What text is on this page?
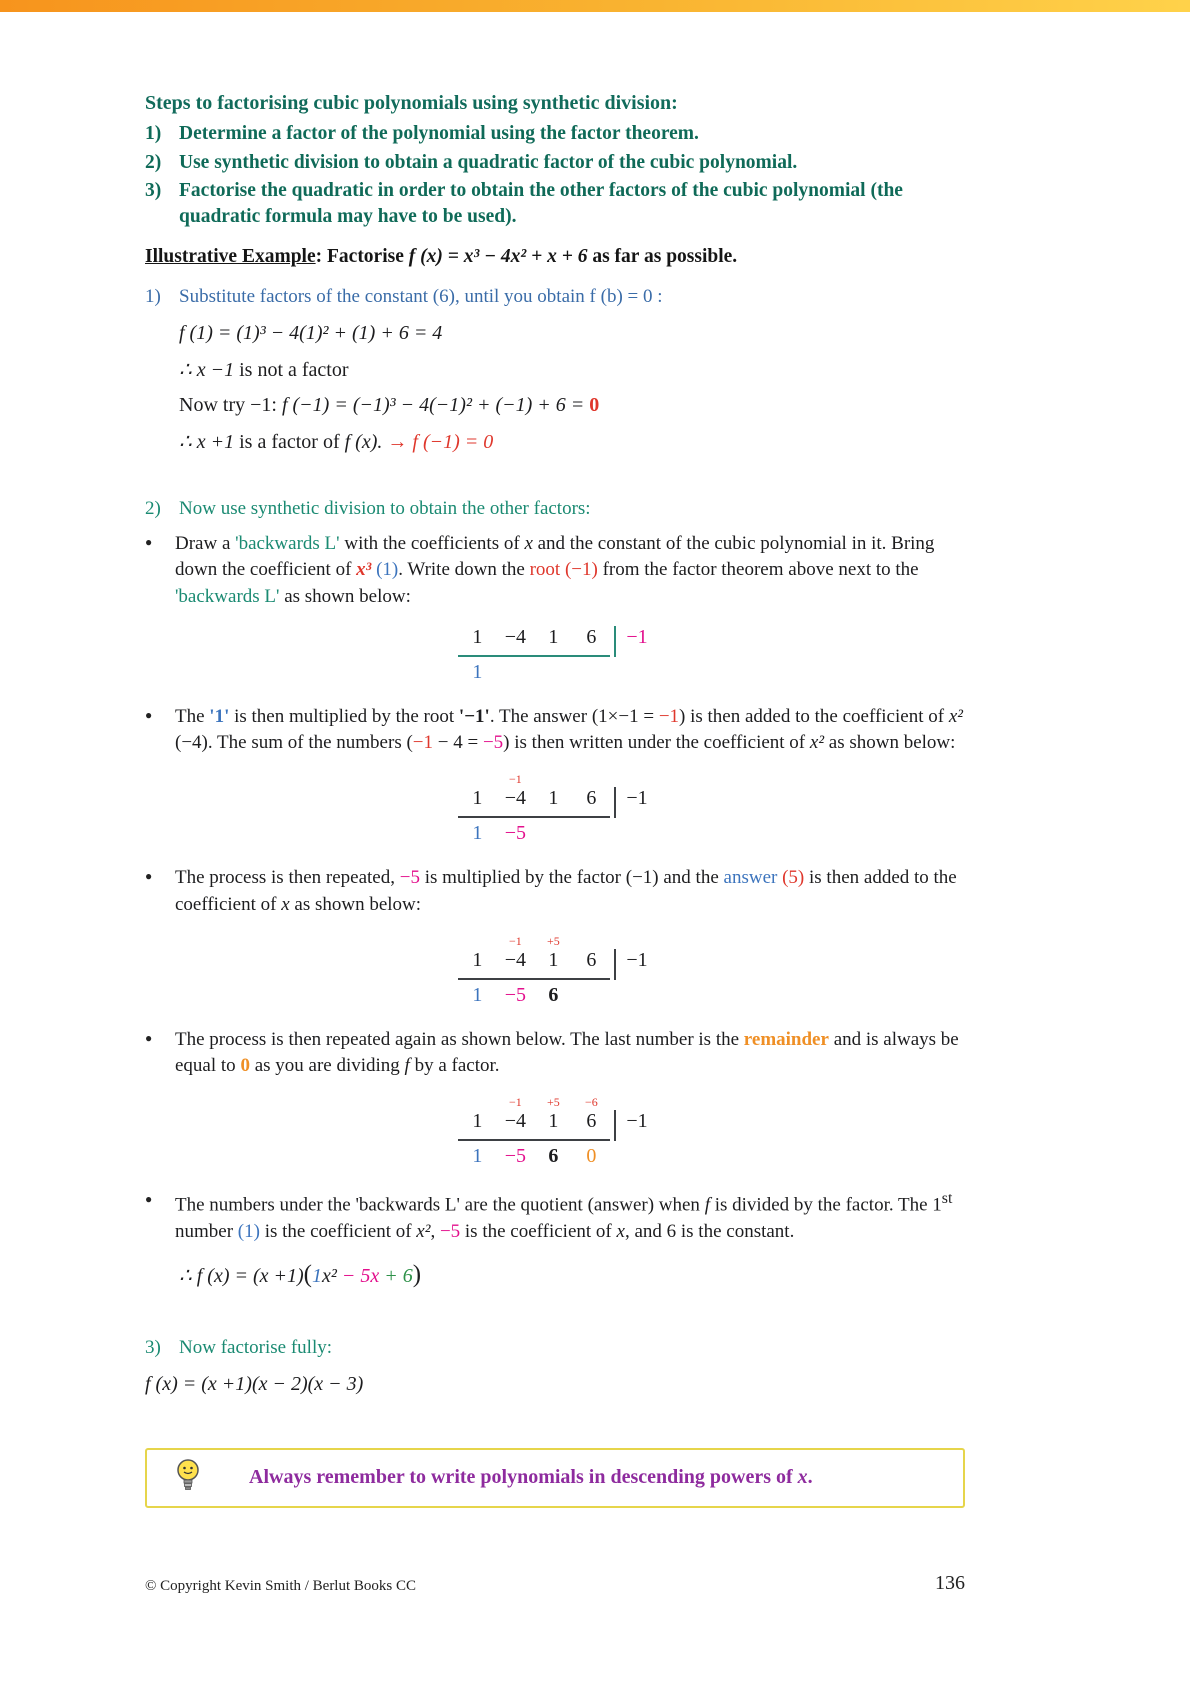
Steps to factorising cubic polynomials using synthetic division:
1) Determine a factor of the polynomial using the factor theorem.
2) Use synthetic division to obtain a quadratic factor of the cubic polynomial.
3) Factorise the quadratic in order to obtain the other factors of the cubic polynomial (the quadratic formula may have to be used).
Illustrative Example: Factorise f (x) = x³ − 4x² + x + 6 as far as possible.
1) Substitute factors of the constant (6), until you obtain f (b) = 0 :
f (1) = (1)³ − 4(1)² + (1) + 6 = 4
∴ x −1 is not a factor
Now try −1: f (−1) = (−1)³ − 4(−1)² + (−1) + 6 = 0
∴ x +1 is a factor of f (x). → f (−1) = 0
2) Now use synthetic division to obtain the other factors:
●
Draw a 'backwards L' with the coefficients of x and the constant of the cubic polynomial in it. Bring down the coefficient of x³ (1). Write down the root (−1) from the factor theorem above next to the 'backwards L' as shown below:
1	−4	1	6	−1
1
●
The '1' is then multiplied by the root '−1'. The answer (1×−1 = −1) is then added to the coefficient of x² (−4). The sum of the numbers (−1 − 4 = −5) is then written under the coefficient of x² as shown below:
−1
1	−4	1	6	−1
1	−5
●
The process is then repeated, −5 is multiplied by the factor (−1) and the answer (5) is then added to the coefficient of x as shown below:
−1	+5
1	−4	1	6	−1
1	−5	6
●
The process is then repeated again as shown below. The last number is the remainder and is always be equal to 0 as you are dividing f by a factor.
−1	+5	−6
1	−4	1	6	−1
1	−5	6	0
●
The numbers under the 'backwards L' are the quotient (answer) when f is divided by the factor. The 1st number (1) is the coefficient of x², −5 is the coefficient of x, and 6 is the constant.
∴ f (x) = (x +1)(1x² − 5x + 6)
3) Now factorise fully:
f (x) = (x +1)(x − 2)(x − 3)
Always remember to write polynomials in descending powers of x.
© Copyright Kevin Smith / Berlut Books CC	136
